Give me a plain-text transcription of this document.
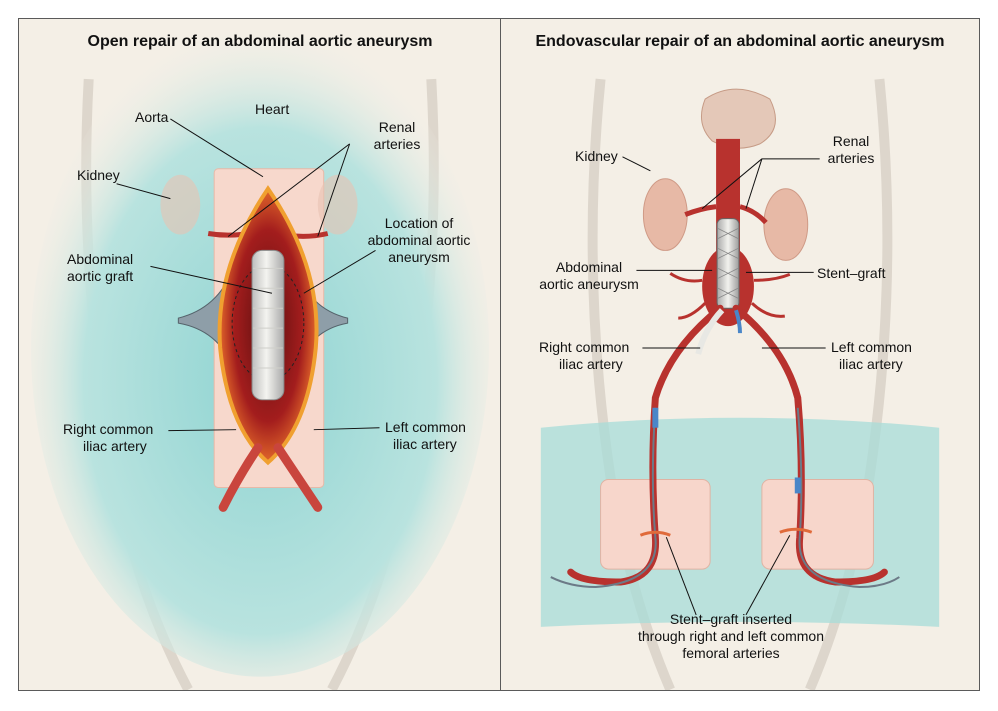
Open repair of an abdominal aortic aneurysm
Heart
Aorta
Kidney
Renal
arteries
Location of
abdominal aortic
aneurysm
Abdominal
aortic graft
Right common
iliac artery
Left common
iliac artery
Endovascular repair of an abdominal aortic aneurysm
Kidney
Renal
arteries
Abdominal
aortic aneurysm
Stent–graft
Right common
iliac artery
Left common
iliac artery
Stent–graft inserted
through right and left common
femoral arteries
